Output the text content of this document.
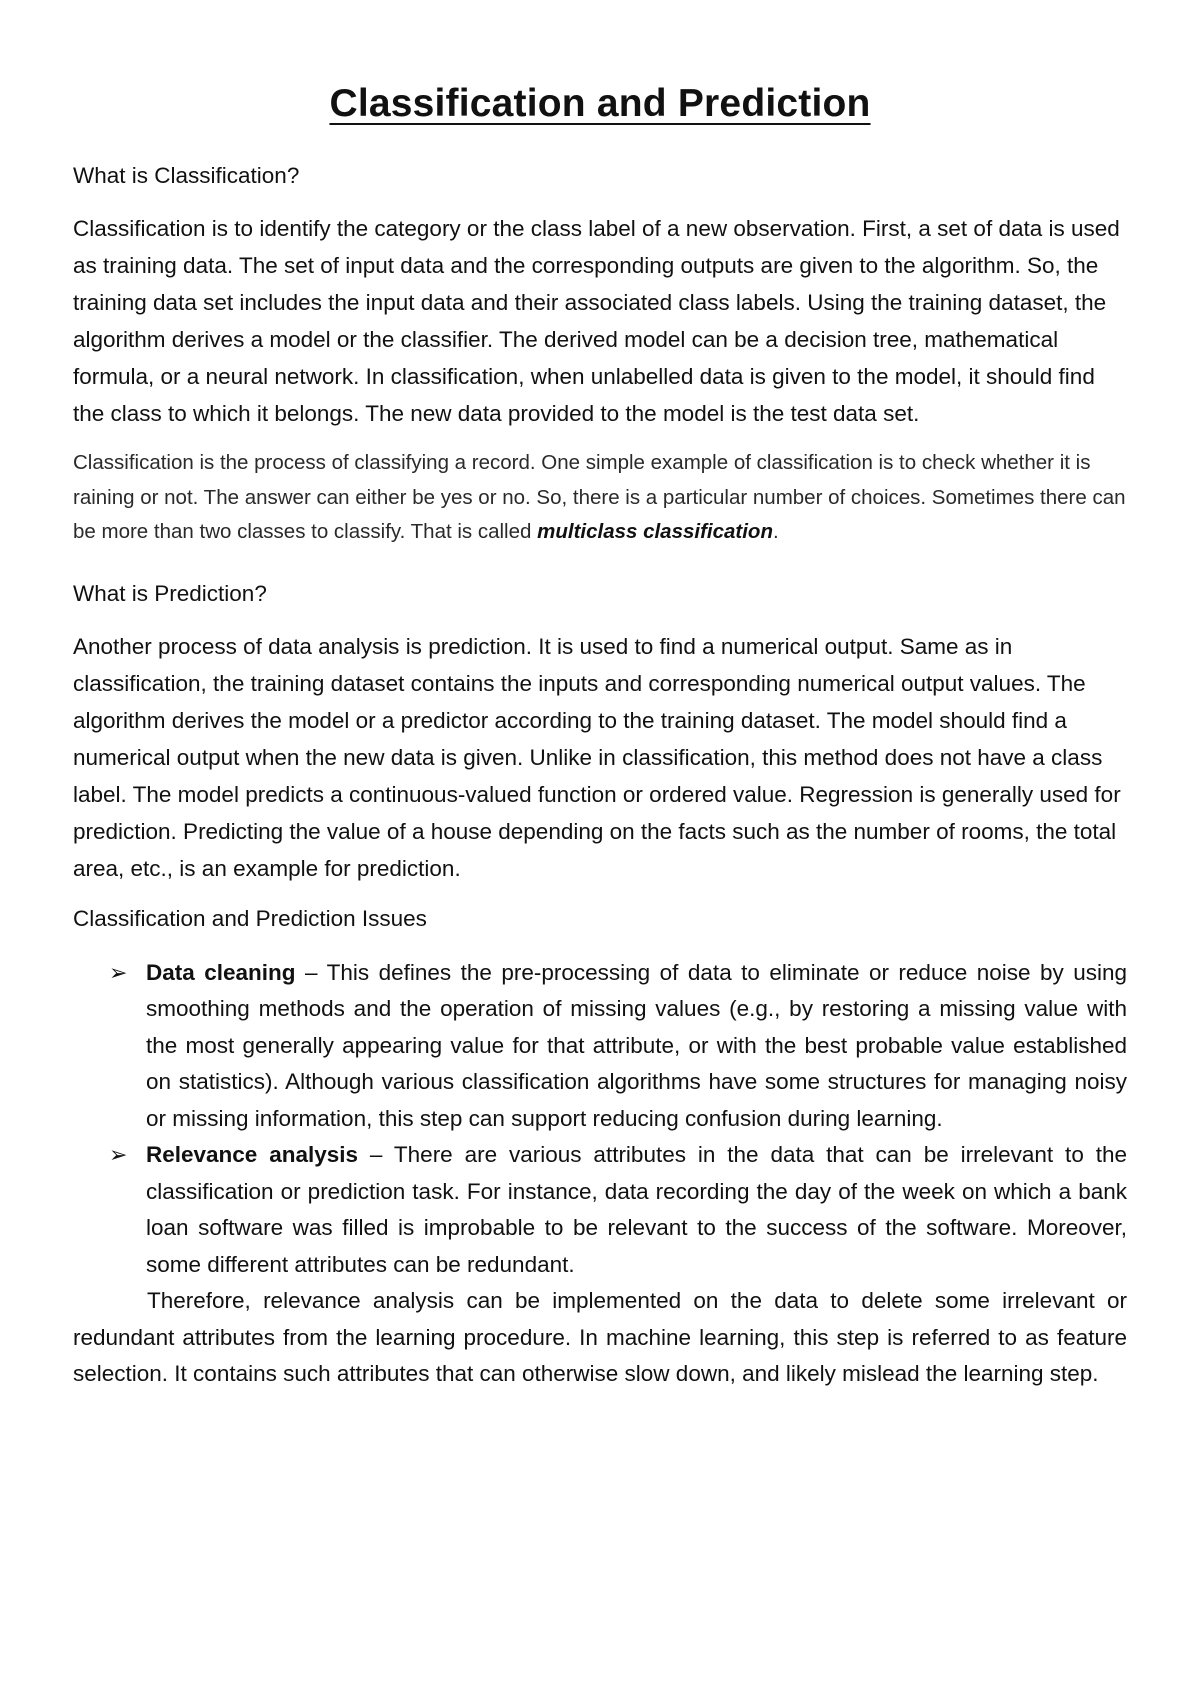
Classification and Prediction

What is Classification?

Classification is to identify the category or the class label of a new observation. First, a set of data is used as training data. The set of input data and the corresponding outputs are given to the algorithm. So, the training data set includes the input data and their associated class labels. Using the training dataset, the algorithm derives a model or the classifier. The derived model can be a decision tree, mathematical formula, or a neural network. In classification, when unlabelled data is given to the model, it should find the class to which it belongs. The new data provided to the model is the test data set.

Classification is the process of classifying a record. One simple example of classification is to check whether it is raining or not. The answer can either be yes or no. So, there is a particular number of choices. Sometimes there can be more than two classes to classify. That is called multiclass classification.

What is Prediction?

Another process of data analysis is prediction. It is used to find a numerical output. Same as in classification, the training dataset contains the inputs and corresponding numerical output values. The algorithm derives the model or a predictor according to the training dataset. The model should find a numerical output when the new data is given. Unlike in classification, this method does not have a class label. The model predicts a continuous-valued function or ordered value. Regression is generally used for prediction. Predicting the value of a house depending on the facts such as the number of rooms, the total area, etc., is an example for prediction.

Classification and Prediction Issues

➢ Data cleaning – This defines the pre-processing of data to eliminate or reduce noise by using smoothing methods and the operation of missing values (e.g., by restoring a missing value with the most generally appearing value for that attribute, or with the best probable value established on statistics). Although various classification algorithms have some structures for managing noisy or missing information, this step can support reducing confusion during learning.
➢ Relevance analysis – There are various attributes in the data that can be irrelevant to the classification or prediction task. For instance, data recording the day of the week on which a bank loan software was filled is improbable to be relevant to the success of the software. Moreover, some different attributes can be redundant.

Therefore, relevance analysis can be implemented on the data to delete some irrelevant or redundant attributes from the learning procedure. In machine learning, this step is referred to as feature selection. It contains such attributes that can otherwise slow down, and likely mislead the learning step.
